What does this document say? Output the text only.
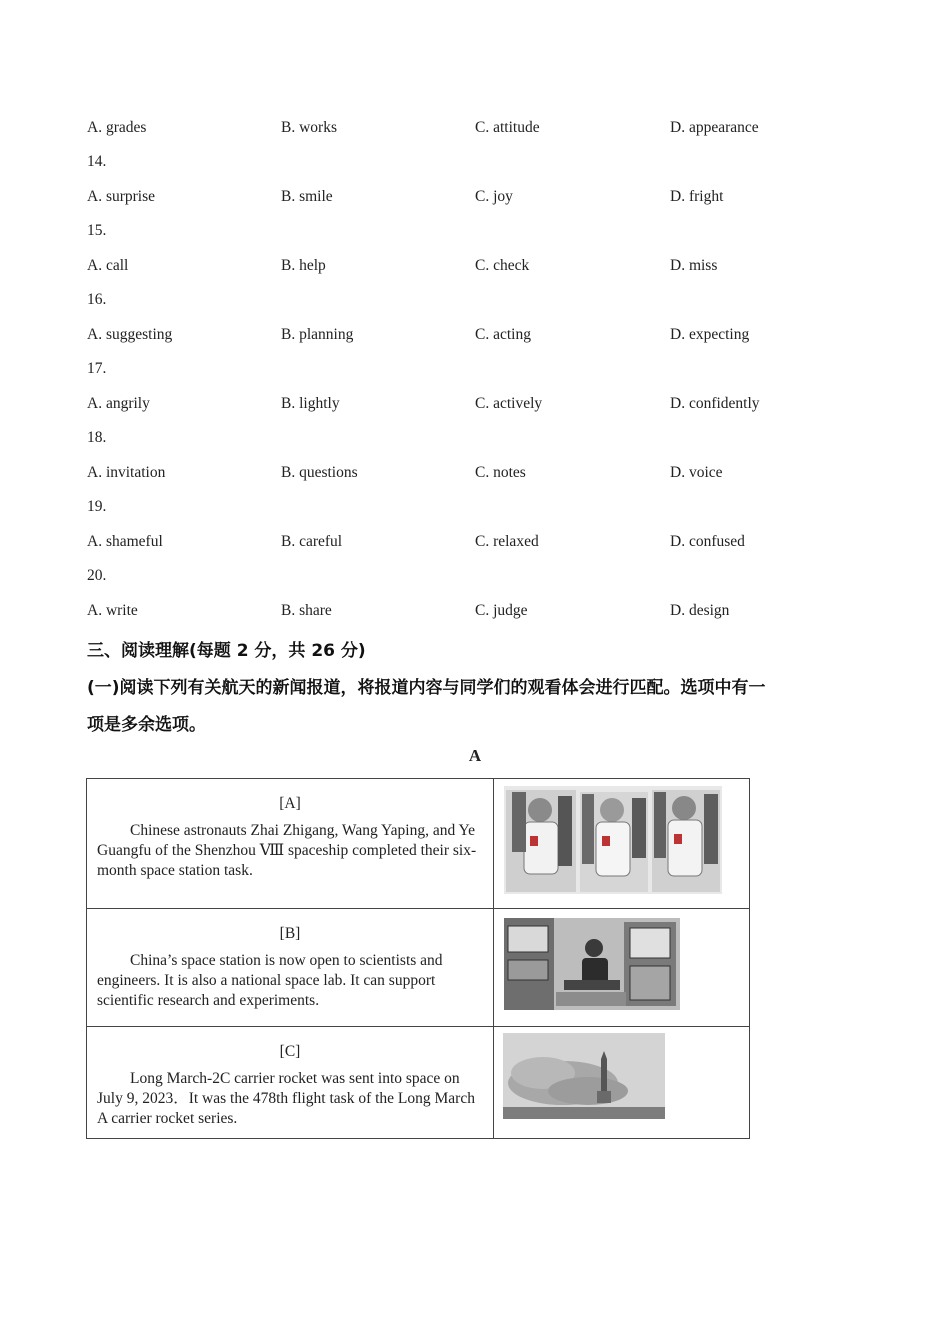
A. grades	B. works	C. attitude	D. appearance
14.
A. surprise	B. smile	C. joy	D. fright
15.
A. call	B. help	C. check	D. miss
16.
A. suggesting	B. planning	C. acting	D. expecting
17.
A. angrily	B. lightly	C. actively	D. confidently
18.
A. invitation	B. questions	C. notes	D. voice
19.
A. shameful	B. careful	C. relaxed	D. confused
20.
A. write	B. share	C. judge	D. design
三、阅读理解(每题 2 分，共 26 分)
(一)阅读下列有关航天的新闻报道，将报道内容与同学们的观看体会进行匹配。选项中有一
项是多余选项。
A
[A]
Chinese astronauts Zhai Zhigang, Wang Yaping, and Ye Guangfu of the Shenzhou Ⅷ spaceship completed their six- month space station task.

[B]
China’s space station is now open to scientists and engineers. It is also a national space lab. It can support scientific research and experiments.

[C]
Long March-2C carrier rocket was sent into space on July 9, 2023．It was the 478th flight task of the Long March A carrier rocket series.
